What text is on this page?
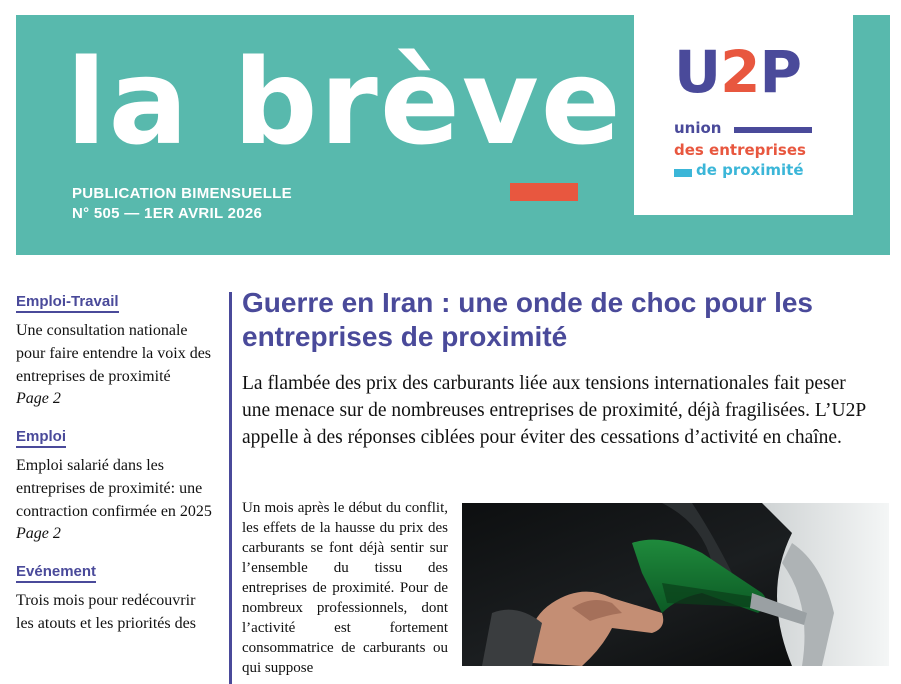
la brève
PUBLICATION BIMENSUELLE
N° 505 — 1ER AVRIL 2026
U2P
union
des entreprises
de proximité
Emploi-Travail
Une consultation nationale pour faire entendre la voix des entreprises de proximité
Page 2
Emploi
Emploi salarié dans les entreprises de proximité: une contraction confirmée en 2025
Page 2
Evénement
Trois mois pour redécouvrir les atouts et les priorités des
Guerre en Iran : une onde de choc pour les entreprises de proximité

La flambée des prix des carburants liée aux tensions internationales fait peser une menace sur de nombreuses entreprises de proximité, déjà fragilisées. L’U2P appelle à des réponses ciblées pour éviter des cessations d’activité en chaîne.

Un mois après le début du conflit, les effets de la hausse du prix des carburants se font déjà sentir sur l’ensemble du tissu des entreprises de proximité. Pour de nombreux professionnels, dont l’activité est fortement consommatrice de carburants ou qui suppose
